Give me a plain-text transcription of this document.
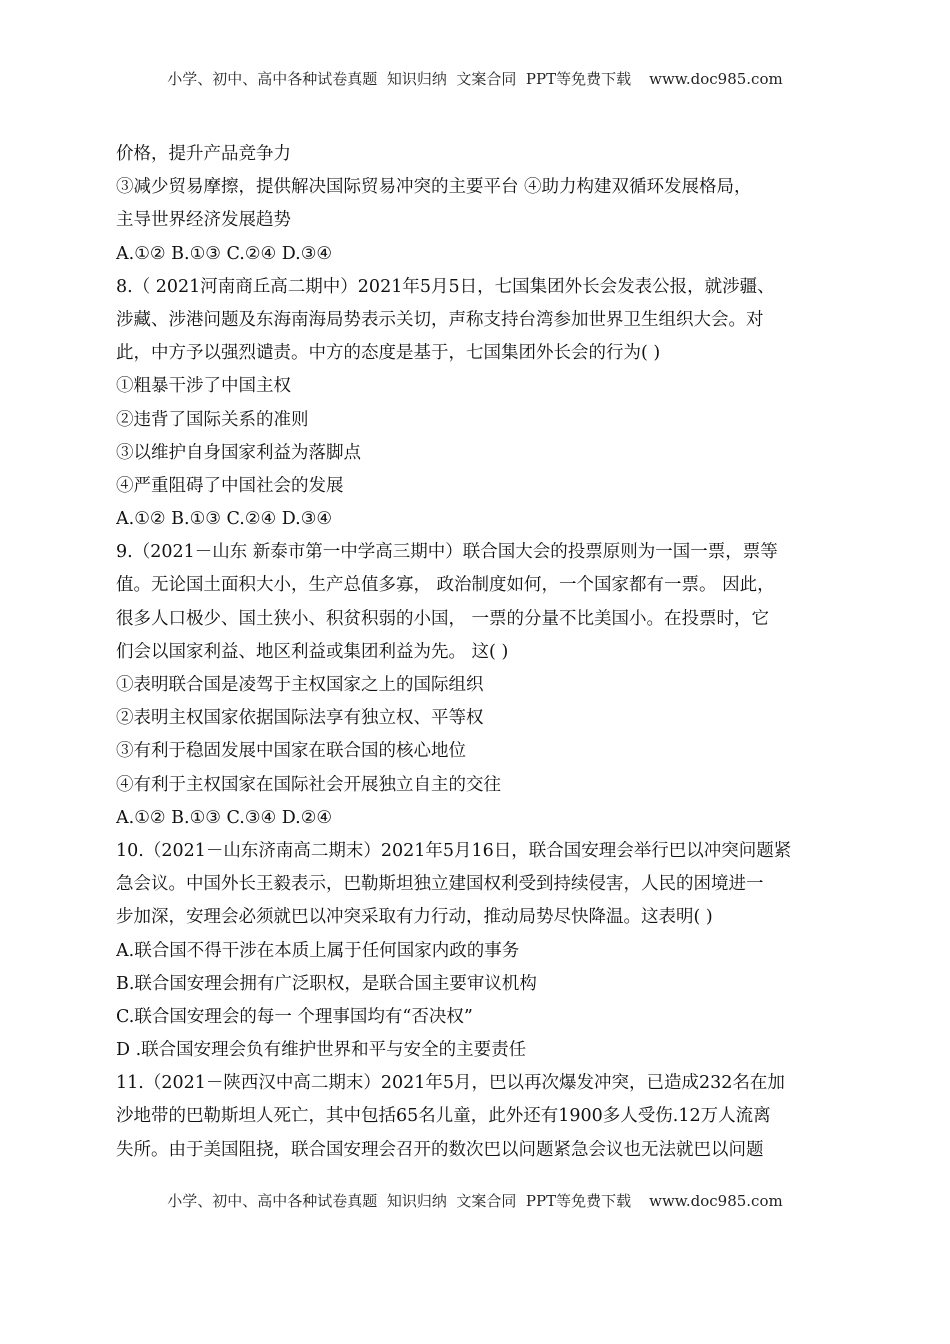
小学、初中、高中各种试卷真题  知识归纳  文案合同  PPT等免费下载 www.doc985.com
价格，提升产品竞争力
③减少贸易摩擦，提供解决国际贸易冲突的主要平台 ④助力构建双循环发展格局，
主导世界经济发展趋势
A.①② B.①③ C.②④ D.③④
8.（ 2021河南商丘高二期中）2021年5月5日，七国集团外长会发表公报，就涉疆、
涉藏、涉港问题及东海南海局势表示关切，声称支持台湾参加世界卫生组织大会。对
此，中方予以强烈谴责。中方的态度是基于，七国集团外长会的行为( )
①粗暴干涉了中国主权
②违背了国际关系的准则
③以维护自身国家利益为落脚点
④严重阻碍了中国社会的发展
A.①② B.①③ C.②④ D.③④
9.（2021－山东 新泰市第一中学高三期中）联合国大会的投票原则为一国一票，票等
值。无论国土面积大小，生产总值多寡， 政治制度如何，一个国家都有一票。 因此，
很多人口极少、国土狭小、积贫积弱的小国， 一票的分量不比美国小。在投票时，它
们会以国家利益、地区利益或集团利益为先。 这( )
①表明联合国是凌驾于主权国家之上的国际组织
②表明主权国家依据国际法享有独立权、平等权
③有利于稳固发展中国家在联合国的核心地位
④有利于主权国家在国际社会开展独立自主的交往
A.①② B.①③ C.③④ D.②④
10.（2021－山东济南高二期末）2021年5月16日，联合国安理会举行巴以冲突问题紧
急会议。中国外长王毅表示，巴勒斯坦独立建国权利受到持续侵害，人民的困境进一
步加深，安理会必须就巴以冲突采取有力行动，推动局势尽快降温。这表明( )
A.联合国不得干涉在本质上属于任何国家内政的事务
B.联合国安理会拥有广泛职权，是联合国主要审议机构
C.联合国安理会的每一 个理事国均有“否决权”
D .联合国安理会负有维护世界和平与安全的主要责任
11.（2021－陕西汉中高二期末）2021年5月，巴以再次爆发冲突，已造成232名在加
沙地带的巴勒斯坦人死亡，其中包括65名儿童，此外还有1900多人受伤.12万人流离
失所。由于美国阻挠，联合国安理会召开的数次巴以问题紧急会议也无法就巴以问题
小学、初中、高中各种试卷真题  知识归纳  文案合同  PPT等免费下载 www.doc985.com
